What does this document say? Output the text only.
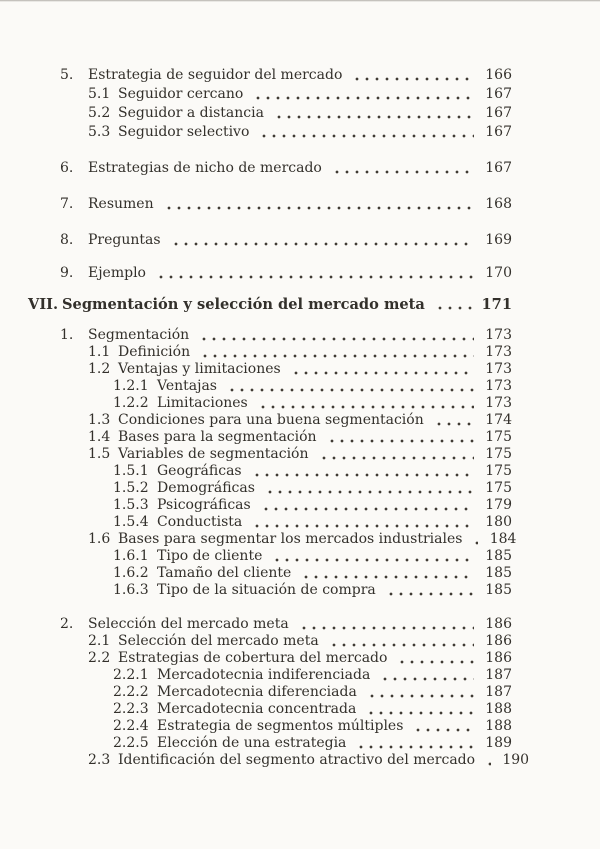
5.	Estrategia de seguidor del mercado	166
5.1 Seguidor cercano	167
5.2 Seguidor a distancia	167
5.3 Seguidor selectivo	167
6.	Estrategias de nicho de mercado	167
7.	Resumen	168
8.	Preguntas	169
9.	Ejemplo	170
VII. Segmentación y selección del mercado meta	171
1.	Segmentación	173
1.1 Definición	173
1.2 Ventajas y limitaciones	173
1.2.1 Ventajas	173
1.2.2 Limitaciones	173
1.3 Condiciones para una buena segmentación	174
1.4 Bases para la segmentación	175
1.5 Variables de segmentación	175
1.5.1 Geográficas	175
1.5.2 Demográficas	175
1.5.3 Psicográficas	179
1.5.4 Conductista	180
1.6 Bases para segmentar los mercados industriales	184
1.6.1 Tipo de cliente	185
1.6.2 Tamaño del cliente	185
1.6.3 Tipo de la situación de compra	185
2.	Selección del mercado meta	186
2.1 Selección del mercado meta	186
2.2 Estrategias de cobertura del mercado	186
2.2.1 Mercadotecnia indiferenciada	187
2.2.2 Mercadotecnia diferenciada	187
2.2.3 Mercadotecnia concentrada	188
2.2.4 Estrategia de segmentos múltiples	188
2.2.5 Elección de una estrategia	189
2.3 Identificación del segmento atractivo del mercado	190
